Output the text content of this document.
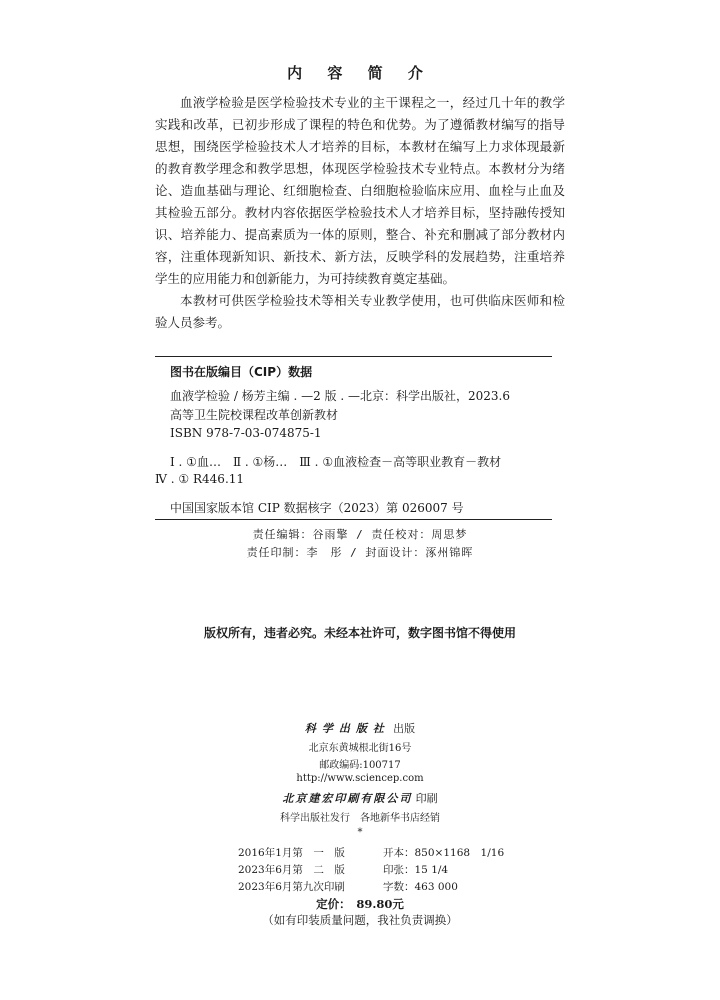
内 容 简 介

血液学检验是医学检验技术专业的主干课程之一，经过几十年的教学实践和改革，已初步形成了课程的特色和优势。为了遵循教材编写的指导思想，围绕医学检验技术人才培养的目标，本教材在编写上力求体现最新的教育教学理念和教学思想，体现医学检验技术专业特点。本教材分为绪论、造血基础与理论、红细胞检查、白细胞检验临床应用、血栓与止血及其检验五部分。教材内容依据医学检验技术人才培养目标，坚持融传授知识、培养能力、提高素质为一体的原则，整合、补充和删减了部分教材内容，注重体现新知识、新技术、新方法，反映学科的发展趋势，注重培养学生的应用能力和创新能力，为可持续教育奠定基础。

本教材可供医学检验技术等相关专业教学使用，也可供临床医师和检验人员参考。

图书在版编目（CIP）数据
血液学检验 / 杨芳主编 . —2 版 . —北京：科学出版社，2023.6
高等卫生院校课程改革创新教材
ISBN 978-7-03-074875-1
Ⅰ . ①血…　Ⅱ . ①杨…　Ⅲ . ①血液检查－高等职业教育－教材
Ⅳ . ① R446.11
中国国家版本馆 CIP 数据核字（2023）第 026007 号
责任编辑：谷雨擎 / 责任校对：周思梦
责任印制：李　彤 / 封面设计：涿州锦晖
版权所有，违者必究。未经本社许可，数字图书馆不得使用
科学出版社 出版
北京东黄城根北街16号
邮政编码:100717
http://www.sciencep.com
北京建宏印刷有限公司 印刷
科学出版社发行　各地新华书店经销
*
2016年1月第　一　版	开本：850×1168　1/16
2023年6月第　二　版	印张：15 1/4
2023年6月第九次印刷	字数：463 000
定价：　89.80元
（如有印装质量问题，我社负责调换）
